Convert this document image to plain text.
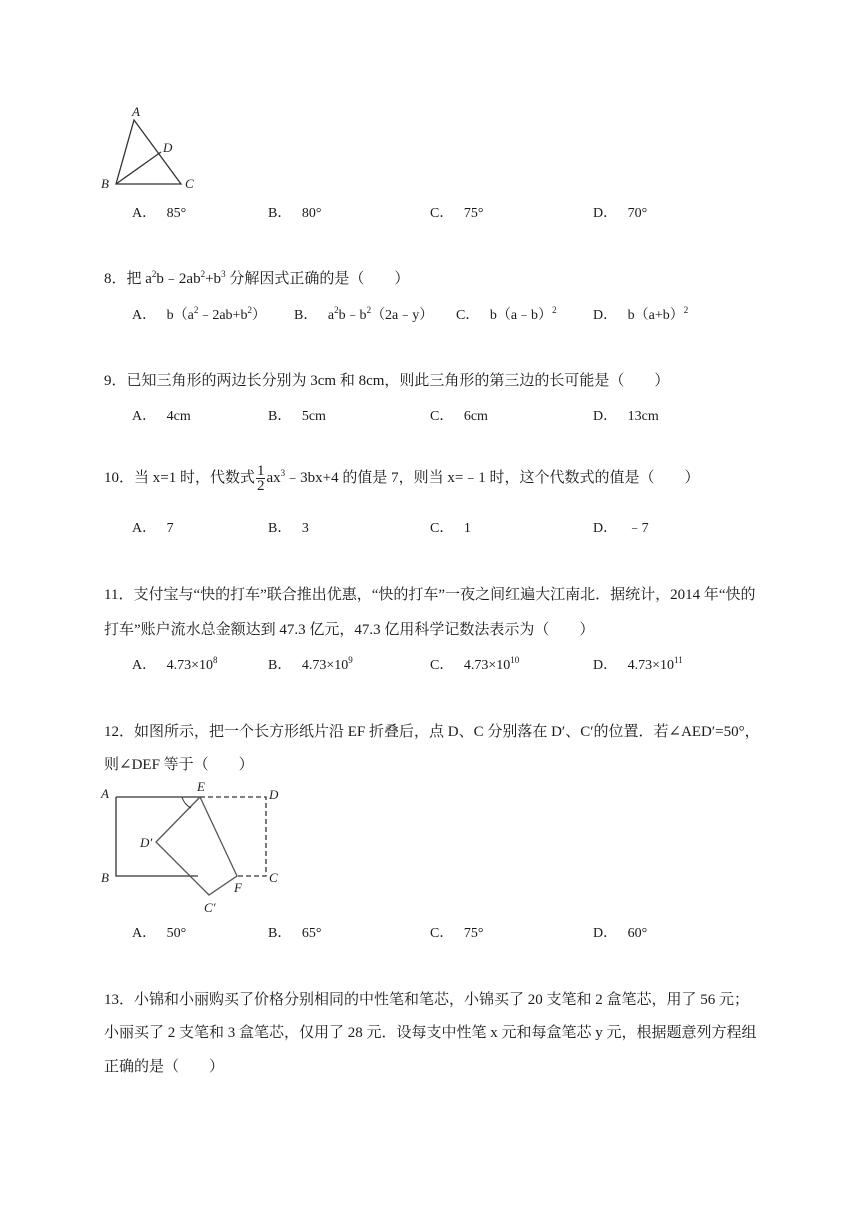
A
D
B	C
A． 85°	B． 80°	C． 75°	D． 70°
8．把 $a^2b﹣2ab^2+b^3$ 分解因式正确的是（　　）
A． $b(a^2﹣2ab+b^2)$ B． $a^2b﹣b^2(2a﹣y)$ C． b（a﹣b）$^2$	D． $b(a+b)^2$
9．已知三角形的两边长分别为 3cm 和 8cm，则此三角形的第三边的长可能是（　　）
A． 4cm	B． 5cm	C． 6cm	D． 13cm
10．当 x=1 时，代数式 $\frac{1}{2}$ $ax^3﹣3bx+4$ 的值是 7，则当 x=﹣1 时，这个代数式的值是（　　）
A． 7	B． 3	C． 1	D． ﹣7
11．支付宝与“快的打车”联合推出优惠，“快的打车”一夜之间红遍大江南北．据统计，2014 年“快的
打车”账户流水总金额达到 47.3 亿元，47.3 亿用科学记数法表示为（　　）
A． $4.73\times 10^8$	B． $4.73\times 10^9$	C． $4.73\times 10^{10}$	D． $4.73\times 10^{11}$
12．如图所示，把一个长方形纸片沿 EF 折叠后，点 D、C 分别落在 D′、C′的位置．若∠AED′=50°，
则∠DEF 等于（　　）
A	E
D
D′
B
F
C
C′
A． 50°	B． 65°	C． 75°	D． 60°
13．小锦和小丽购买了价格分别相同的中性笔和笔芯，小锦买了 20 支笔和 2 盒笔芯，用了 56 元；
小丽买了 2 支笔和 3 盒笔芯，仅用了 28 元．设每支中性笔 x 元和每盒笔芯 y 元，根据题意列方程组
正确的是（　　）
